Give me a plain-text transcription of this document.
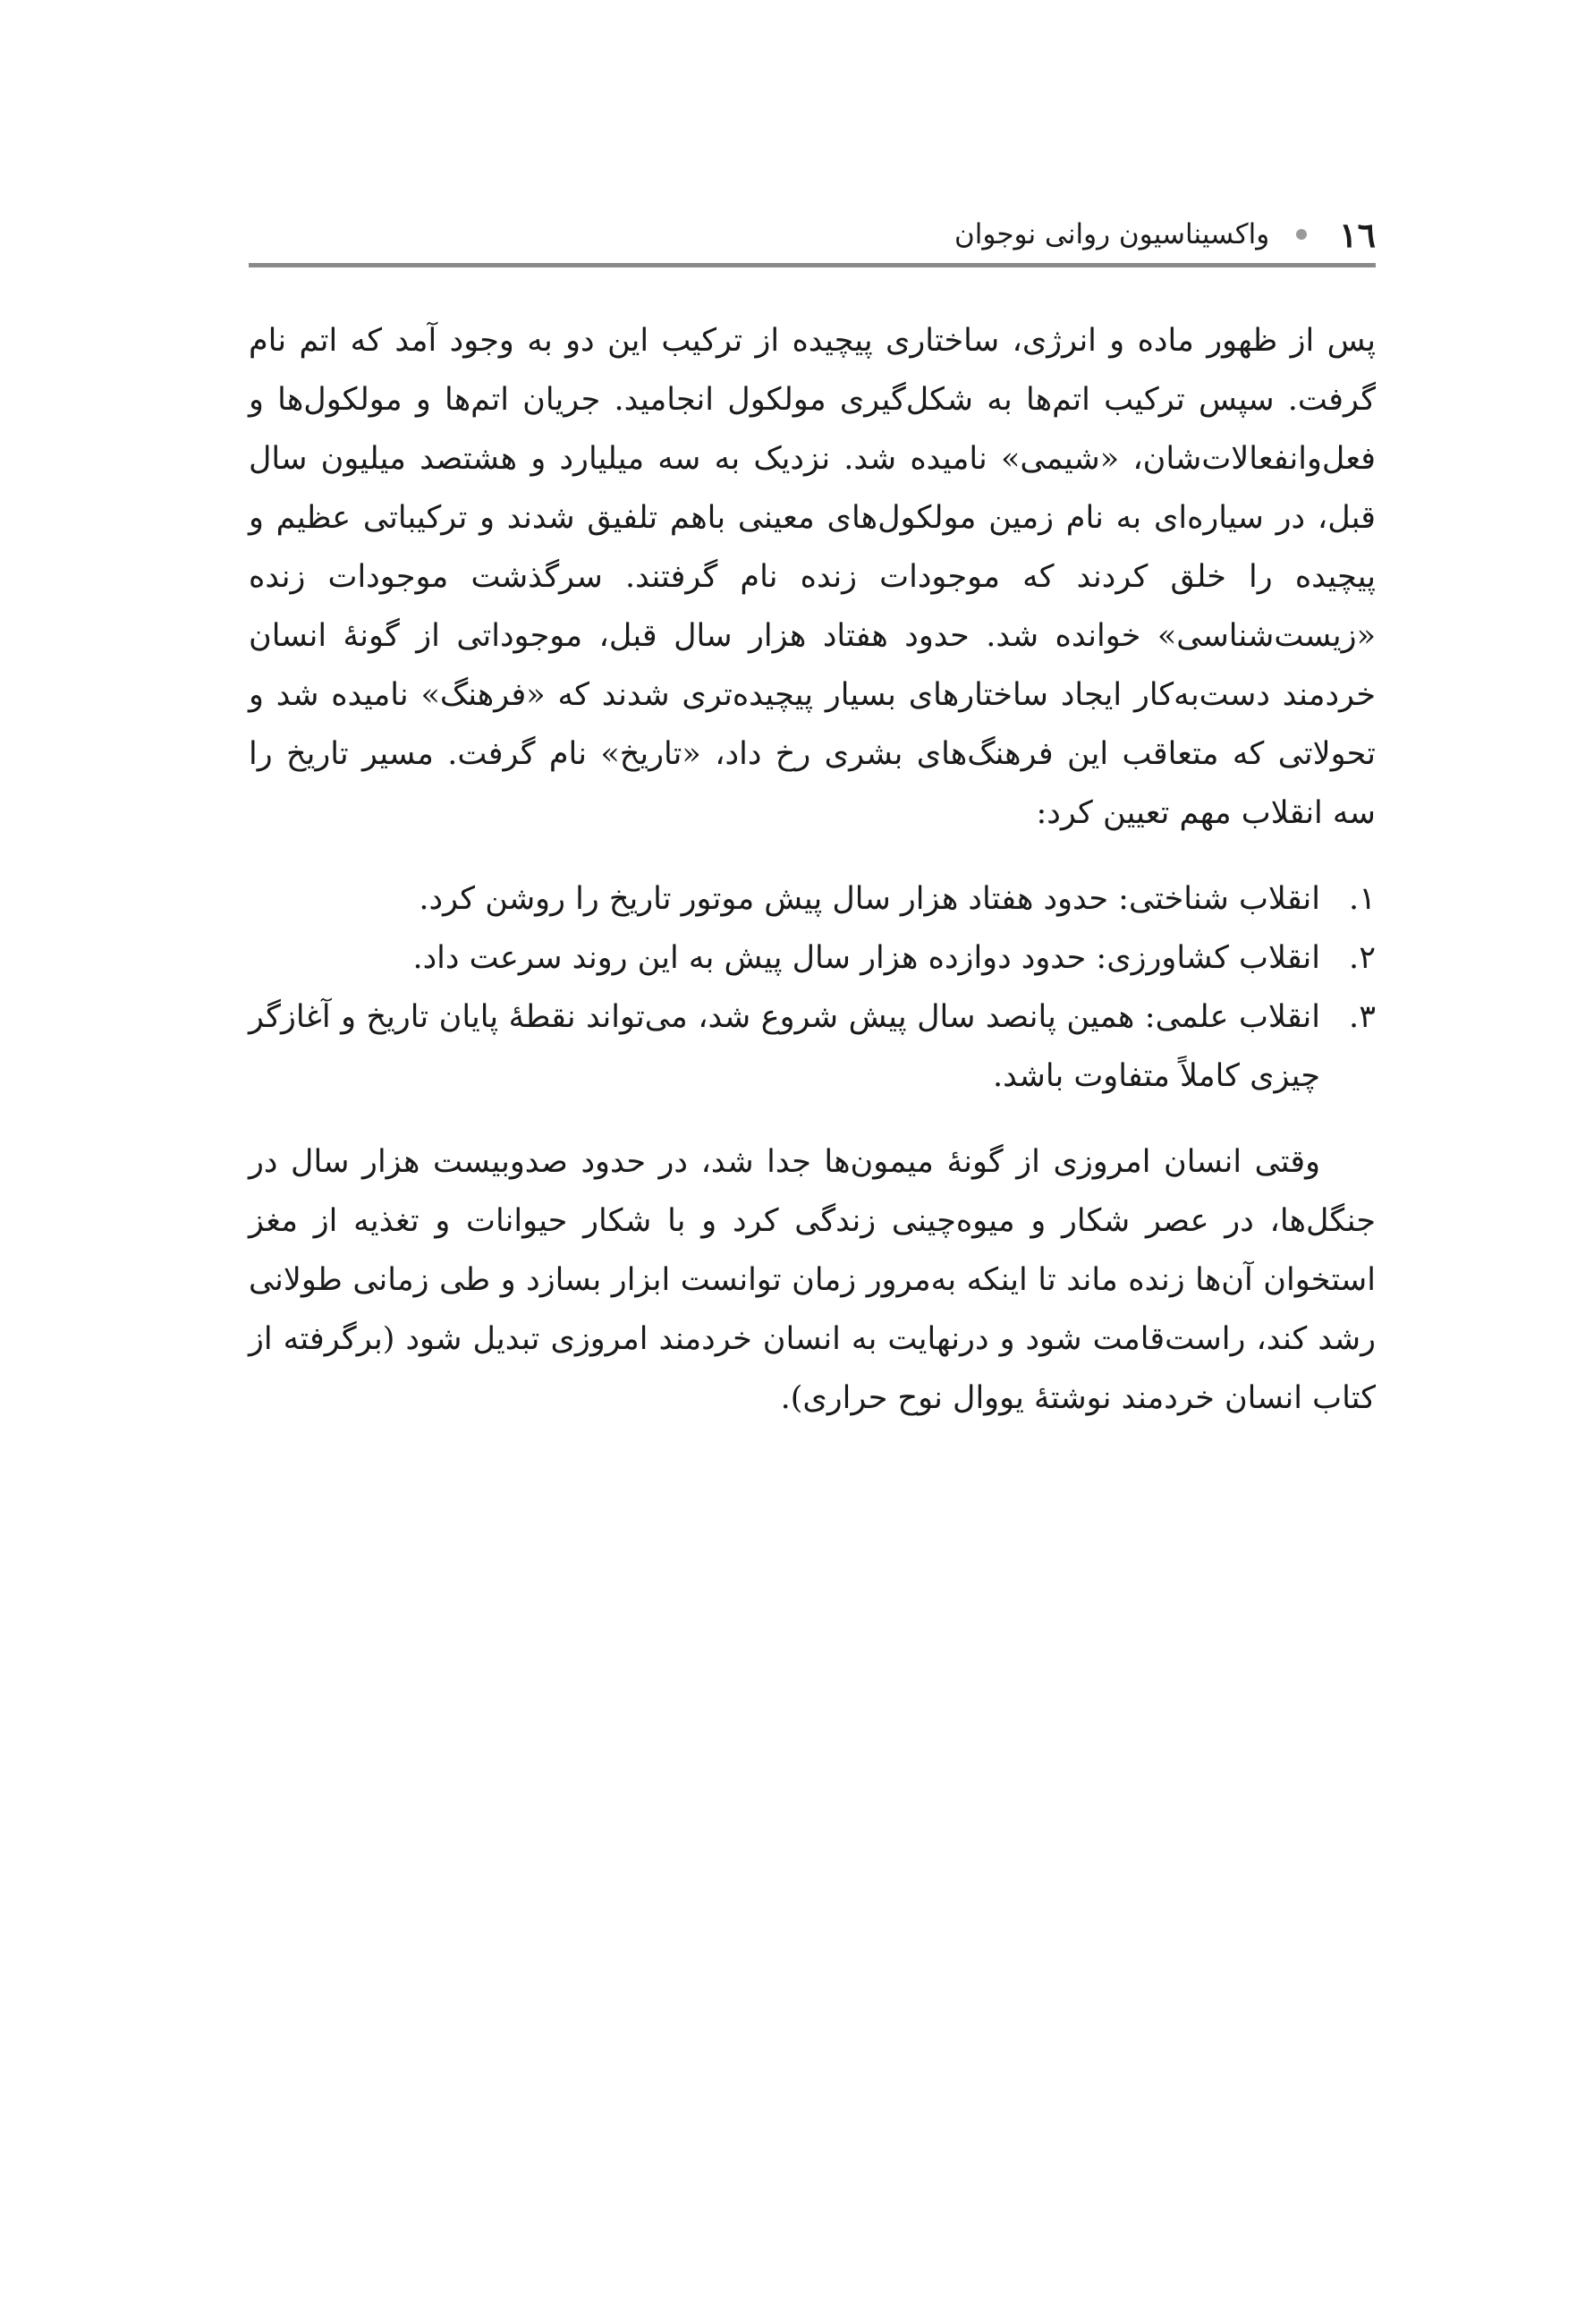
١٦
واکسیناسیون روانی نوجوان

پس از ظهور ماده و انرژی، ساختاری پیچیده از ترکیب این دو به وجود آمد که اتم نام گرفت. سپس ترکیب اتم‌ها به شکل‌گیری مولکول انجامید. جریان اتم‌ها و مولکول‌ها و فعل‌وانفعالات‌شان، «شیمی» نامیده شد. نزدیک به سه میلیارد و هشتصد میلیون سال قبل، در سیاره‌ای به نام زمین مولکول‌های معینی باهم تلفیق شدند و ترکیباتی عظیم و پیچیده را خلق کردند که موجودات زنده نام گرفتند. سرگذشت موجودات زنده «زیست‌شناسی» خوانده شد. حدود هفتاد هزار سال قبل، موجوداتی از گونهٔ انسان خردمند دست‌به‌کار ایجاد ساختارهای بسیار پیچیده‌تری شدند که «فرهنگ» نامیده شد و تحولاتی که متعاقب این فرهنگ‌های بشری رخ داد، «تاریخ» نام گرفت. مسیر تاریخ را سه انقلاب مهم تعیین کرد:

١.انقلاب شناختی: حدود هفتاد هزار سال پیش موتور تاریخ را روشن کرد.
٢.انقلاب کشاورزی: حدود دوازده هزار سال پیش به این روند سرعت داد.
٣.انقلاب علمی: همین پانصد سال پیش شروع شد، می‌تواند نقطهٔ پایان تاریخ و آغازگر چیزی کاملاً متفاوت باشد.

وقتی انسان امروزی از گونهٔ میمون‌ها جدا شد، در حدود صدوبیست هزار سال در جنگل‌ها، در عصر شکار و میوه‌چینی زندگی کرد و با شکار حیوانات و تغذیه از مغز استخوان آن‌ها زنده ماند تا اینکه به‌مرور زمان توانست ابزار بسازد و طی زمانی طولانی رشد کند، راست‌قامت شود و درنهایت به انسان خردمند امروزی تبدیل شود (برگرفته از کتاب انسان خردمند نوشتهٔ یووال نوح حراری).
